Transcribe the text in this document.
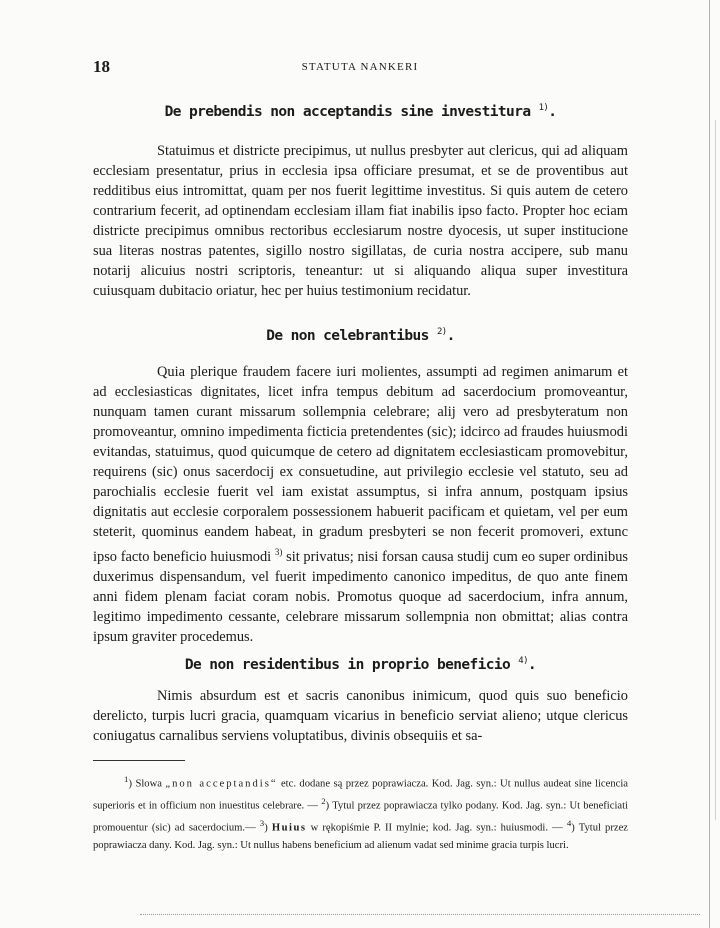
18	STATUTA NANKERI
De prebendis non acceptandis sine investitura $^{1)}$.

Statuimus et districte precipimus, ut nullus presbyter aut clericus, qui ad aliquam ecclesiam presentatur, prius in ecclesia ipsa officiare presumat, et se de proventibus aut redditibus eius intromittat, quam per nos fuerit legittime investitus. Si quis autem de cetero contrarium fecerit, ad optinendam ecclesiam illam fiat inabilis ipso facto. Propter hoc eciam districte precipimus omnibus rectoribus ecclesiarum nostre dyocesis, ut super institucione sua literas nostras patentes, sigillo nostro sigillatas, de curia nostra accipere, sub manu notarij alicuius nostri scriptoris, teneantur: ut si aliquando aliqua super investitura cuiusquam dubitacio oriatur, hec per huius testimonium recidatur.

De non celebrantibus $^{2)}$.

Quia plerique fraudem facere iuri molientes, assumpti ad regimen animarum et ad ecclesiasticas dignitates, licet infra tempus debitum ad sacerdocium promoveantur, nunquam tamen curant missarum sollempnia celebrare; alij vero ad presbyteratum non promoveantur, omnino impedimenta ficticia pretendentes (sic); idcirco ad fraudes huiusmodi evitandas, statuimus, quod quicumque de cetero ad dignitatem ecclesiasticam promovebitur, requirens (sic) onus sacerdocij ex consuetudine, aut privilegio ecclesie vel statuto, seu ad parochialis ecclesie fuerit vel iam existat assumptus, si infra annum, postquam ipsius dignitatis aut ecclesie corporalem possessionem habuerit pacificam et quietam, vel per eum steterit, quominus eandem habeat, in gradum presbyteri se non fecerit promoveri, extunc ipso facto beneficio huiusmodi $^{3)}$ sit privatus; nisi forsan causa studij cum eo super ordinibus duxerimus dispensandum, vel fuerit impedimento canonico impeditus, de quo ante finem anni fidem plenam faciat coram nobis. Promotus quoque ad sacerdocium, infra annum, legitimo impedimento cessante, celebrare missarum sollempnia non obmittat; alias contra ipsum graviter procedemus.

De non residentibus in proprio beneficio $^{4)}$.

Nimis absurdum est et sacris canonibus inimicum, quod quis suo beneficio derelicto, turpis lucri gracia, quamquam vicarius in beneficio serviat alieno; utque clericus coniugatus carnalibus serviens voluptatibus, divinis obsequiis et sa-

$^1$) Slowa „non acceptandis“ etc. dodane są przez poprawiacza. Kod. Jag. syn.: Ut nullus audeat sine licencia superioris et in officium non inuestitus celebrare. — $^2$) Tytul przez poprawiacza tylko podany. Kod. Jag. syn.: Ut beneficiati promouentur (sic) ad sacerdocium.— $^3$) Huius w rękopiśmie P. II mylnie; kod. Jag. syn.: huiusmodi. — $^4$) Tytul przez poprawiacza dany. Kod. Jag. syn.: Ut nullus habens beneficium ad alienum vadat sed minime gracia turpis lucri.
